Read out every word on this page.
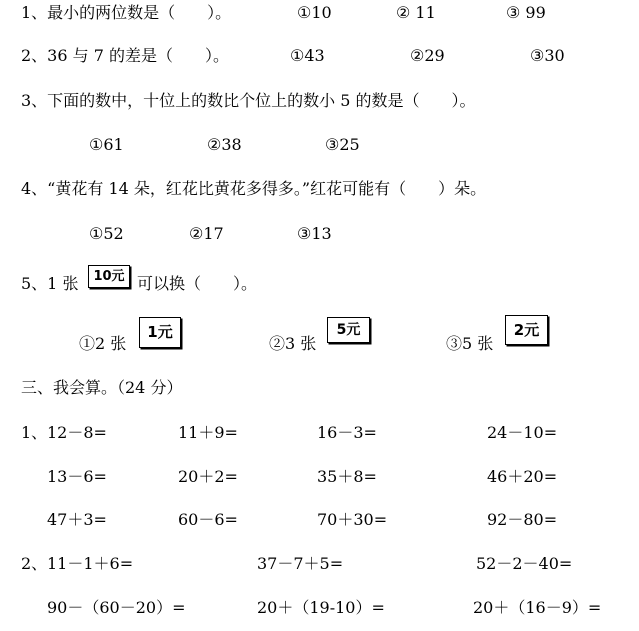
1、最小的两位数是（　　）。	①10	② 11	③ 99
2、36 与 7 的差是（　　）。	①43	②29	③30
3、下面的数中，十位上的数比个位上的数小 5 的数是（　　）。
①61	②38	③25
4、“黄花有 14 朵，红花比黄花多得多。”红花可能有（　　）朵。
①52	②17	③13
5、1 张	10元 可以换（　　）。
①2 张
1元
②3 张
5元
③5 张
2元
三、我会算。（24 分）
1、 12－8=	11＋9=	16－3=	24－10=
13－6=	20＋2=	35＋8=	46＋20=
47＋3=	60－6=	70＋30=	92－80=
2、 11－1＋6=	37－7＋5=	52－2－40=
90－（60－20）=	20＋（19-10）=	20＋（16－9）=
